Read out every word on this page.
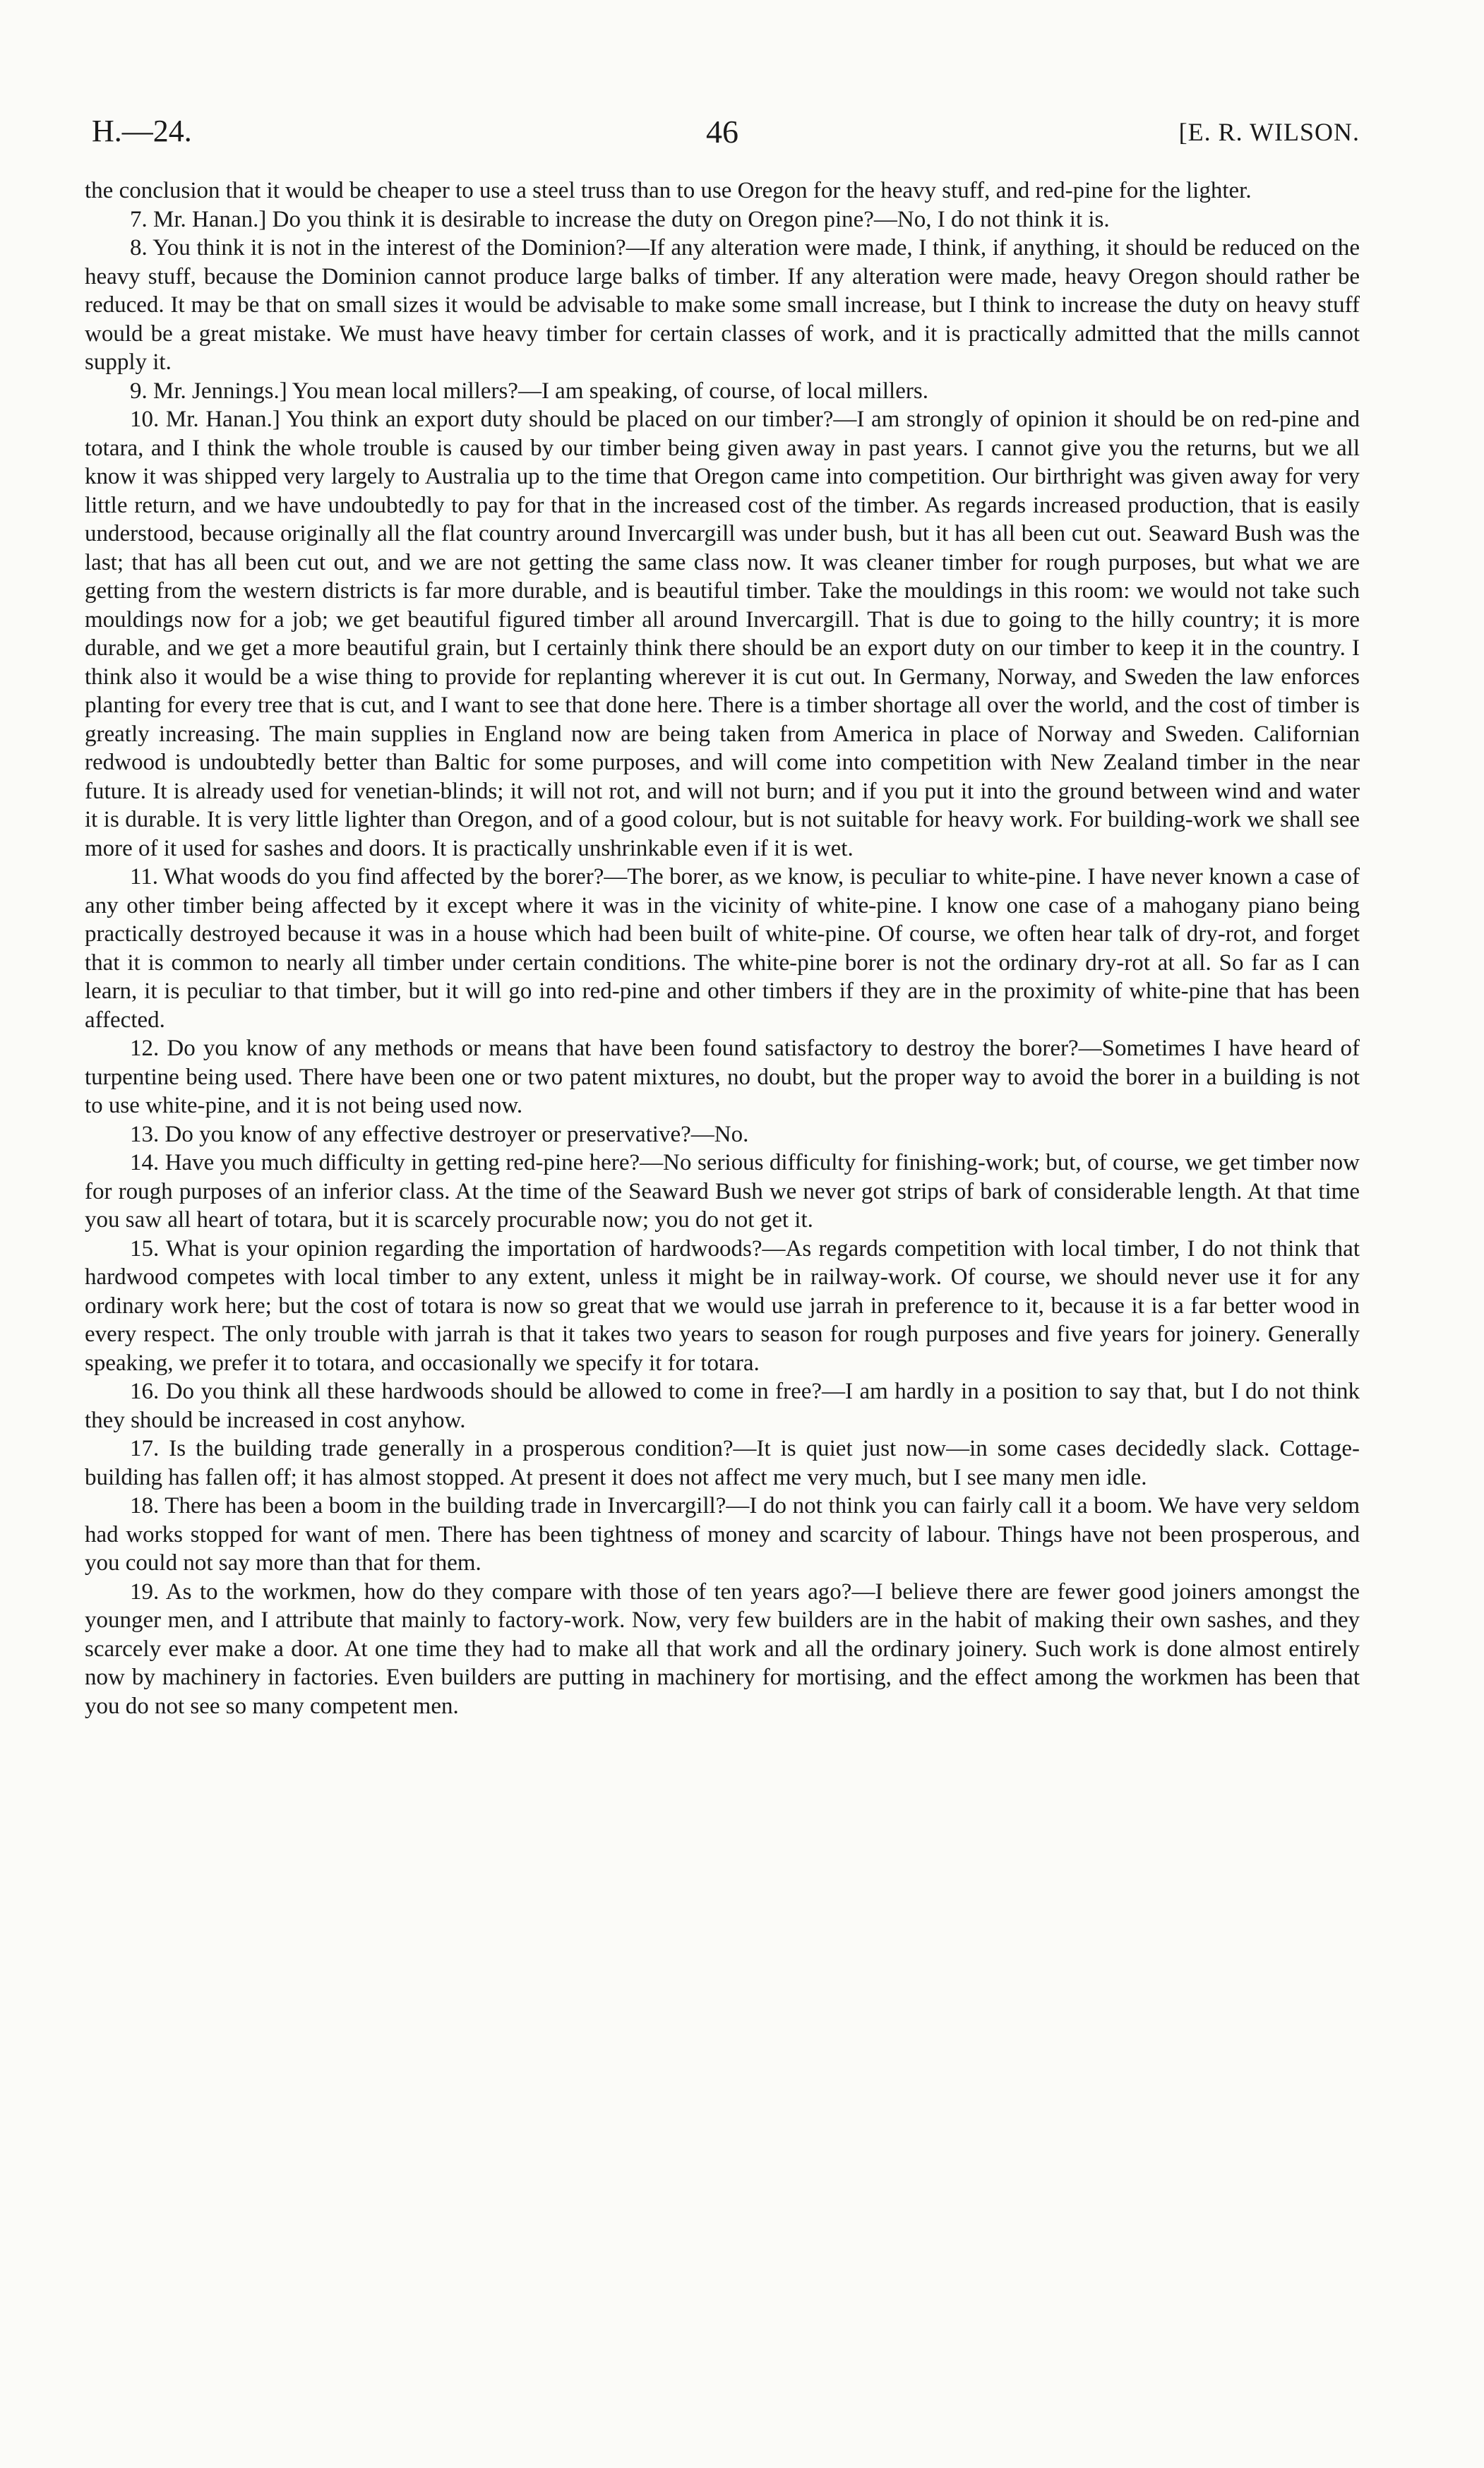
H.—24.	46	[E. R. WILSON.

the conclusion that it would be cheaper to use a steel truss than to use Oregon for the heavy stuff, and red-pine for the lighter.

7. Mr. Hanan.] Do you think it is desirable to increase the duty on Oregon pine?—No, I do not think it is.

8. You think it is not in the interest of the Dominion?—If any alteration were made, I think, if anything, it should be reduced on the heavy stuff, because the Dominion cannot produce large balks of timber. If any alteration were made, heavy Oregon should rather be reduced. It may be that on small sizes it would be advisable to make some small increase, but I think to increase the duty on heavy stuff would be a great mistake. We must have heavy timber for certain classes of work, and it is practically admitted that the mills cannot supply it.

9. Mr. Jennings.] You mean local millers?—I am speaking, of course, of local millers.

10. Mr. Hanan.] You think an export duty should be placed on our timber?—I am strongly of opinion it should be on red-pine and totara, and I think the whole trouble is caused by our timber being given away in past years. I cannot give you the returns, but we all know it was shipped very largely to Australia up to the time that Oregon came into competition. Our birthright was given away for very little return, and we have undoubtedly to pay for that in the increased cost of the timber. As regards increased production, that is easily understood, because originally all the flat country around Invercargill was under bush, but it has all been cut out. Seaward Bush was the last; that has all been cut out, and we are not getting the same class now. It was cleaner timber for rough purposes, but what we are getting from the western districts is far more durable, and is beautiful timber. Take the mouldings in this room: we would not take such mouldings now for a job; we get beautiful figured timber all around Invercargill. That is due to going to the hilly country; it is more durable, and we get a more beautiful grain, but I certainly think there should be an export duty on our timber to keep it in the country. I think also it would be a wise thing to provide for replanting wherever it is cut out. In Germany, Norway, and Sweden the law enforces planting for every tree that is cut, and I want to see that done here. There is a timber shortage all over the world, and the cost of timber is greatly increasing. The main supplies in England now are being taken from America in place of Norway and Sweden. Californian redwood is undoubtedly better than Baltic for some purposes, and will come into competition with New Zealand timber in the near future. It is already used for venetian-blinds; it will not rot, and will not burn; and if you put it into the ground between wind and water it is durable. It is very little lighter than Oregon, and of a good colour, but is not suitable for heavy work. For building-work we shall see more of it used for sashes and doors. It is practically unshrinkable even if it is wet.

11. What woods do you find affected by the borer?—The borer, as we know, is peculiar to white-pine. I have never known a case of any other timber being affected by it except where it was in the vicinity of white-pine. I know one case of a mahogany piano being practically destroyed because it was in a house which had been built of white-pine. Of course, we often hear talk of dry-rot, and forget that it is common to nearly all timber under certain conditions. The white-pine borer is not the ordinary dry-rot at all. So far as I can learn, it is peculiar to that timber, but it will go into red-pine and other timbers if they are in the proximity of white-pine that has been affected.

12. Do you know of any methods or means that have been found satisfactory to destroy the borer?—Sometimes I have heard of turpentine being used. There have been one or two patent mixtures, no doubt, but the proper way to avoid the borer in a building is not to use white-pine, and it is not being used now.

13. Do you know of any effective destroyer or preservative?—No.

14. Have you much difficulty in getting red-pine here?—No serious difficulty for finishing-work; but, of course, we get timber now for rough purposes of an inferior class. At the time of the Seaward Bush we never got strips of bark of considerable length. At that time you saw all heart of totara, but it is scarcely procurable now; you do not get it.

15. What is your opinion regarding the importation of hardwoods?—As regards competition with local timber, I do not think that hardwood competes with local timber to any extent, unless it might be in railway-work. Of course, we should never use it for any ordinary work here; but the cost of totara is now so great that we would use jarrah in preference to it, because it is a far better wood in every respect. The only trouble with jarrah is that it takes two years to season for rough purposes and five years for joinery. Generally speaking, we prefer it to totara, and occasionally we specify it for totara.

16. Do you think all these hardwoods should be allowed to come in free?—I am hardly in a position to say that, but I do not think they should be increased in cost anyhow.

17. Is the building trade generally in a prosperous condition?—It is quiet just now—in some cases decidedly slack. Cottage-building has fallen off; it has almost stopped. At present it does not affect me very much, but I see many men idle.

18. There has been a boom in the building trade in Invercargill?—I do not think you can fairly call it a boom. We have very seldom had works stopped for want of men. There has been tightness of money and scarcity of labour. Things have not been prosperous, and you could not say more than that for them.

19. As to the workmen, how do they compare with those of ten years ago?—I believe there are fewer good joiners amongst the younger men, and I attribute that mainly to factory-work. Now, very few builders are in the habit of making their own sashes, and they scarcely ever make a door. At one time they had to make all that work and all the ordinary joinery. Such work is done almost entirely now by machinery in factories. Even builders are putting in machinery for mortising, and the effect among the workmen has been that you do not see so many competent men.
